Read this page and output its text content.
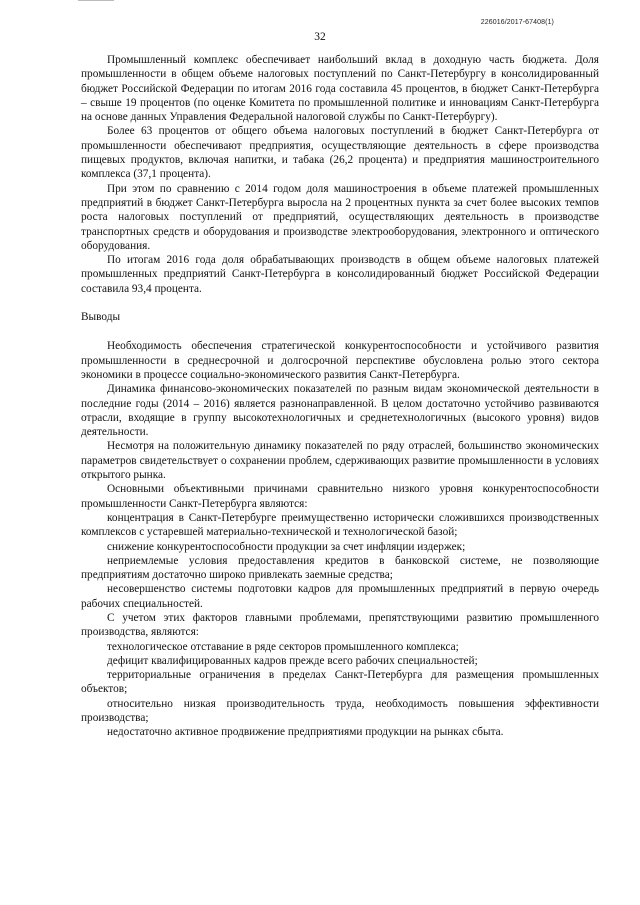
226016/2017-67408(1)
32

Промышленный комплекс обеспечивает наибольший вклад в доходную часть бюджета. Доля промышленности в общем объеме налоговых поступлений по Санкт-Петербургу в консолидированный бюджет Российской Федерации по итогам 2016 года составила 45 процентов, в бюджет Санкт-Петербурга – свыше 19 процентов (по оценке Комитета по промышленной политике и инновациям Санкт-Петербурга на основе данных Управления Федеральной налоговой службы по Санкт-Петербургу).

Более 63 процентов от общего объема налоговых поступлений в бюджет Санкт-Петербурга от промышленности обеспечивают предприятия, осуществляющие деятельность в сфере производства пищевых продуктов, включая напитки, и табака (26,2 процента) и предприятия машиностроительного комплекса (37,1 процента).

При этом по сравнению с 2014 годом доля машиностроения в объеме платежей промышленных предприятий в бюджет Санкт-Петербурга выросла на 2 процентных пункта за счет более высоких темпов роста налоговых поступлений от предприятий, осуществляющих деятельность в производстве транспортных средств и оборудования и производстве электрооборудования, электронного и оптического оборудования.

По итогам 2016 года доля обрабатывающих производств в общем объеме налоговых платежей промышленных предприятий Санкт-Петербурга в консолидированный бюджет Российской Федерации составила 93,4 процента.

Выводы

Необходимость обеспечения стратегической конкурентоспособности и устойчивого развития промышленности в среднесрочной и долгосрочной перспективе обусловлена ролью этого сектора экономики в процессе социально-экономического развития Санкт-Петербурга.

Динамика финансово-экономических показателей по разным видам экономической деятельности в последние годы (2014 – 2016) является разнонаправленной. В целом достаточно устойчиво развиваются отрасли, входящие в группу высокотехнологичных и среднетехнологичных (высокого уровня) видов деятельности.

Несмотря на положительную динамику показателей по ряду отраслей, большинство экономических параметров свидетельствует о сохранении проблем, сдерживающих развитие промышленности в условиях открытого рынка.

Основными объективными причинами сравнительно низкого уровня конкурентоспособности промышленности Санкт-Петербурга являются:

концентрация в Санкт-Петербурге преимущественно исторически сложившихся производственных комплексов с устаревшей материально-технической и технологической базой;

снижение конкурентоспособности продукции за счет инфляции издержек;

неприемлемые условия предоставления кредитов в банковской системе, не позволяющие предприятиям достаточно широко привлекать заемные средства;

несовершенство системы подготовки кадров для промышленных предприятий в первую очередь рабочих специальностей.

С учетом этих факторов главными проблемами, препятствующими развитию промышленного производства, являются:

технологическое отставание в ряде секторов промышленного комплекса;

дефицит квалифицированных кадров прежде всего рабочих специальностей;

территориальные ограничения в пределах Санкт-Петербурга для размещения промышленных объектов;

относительно низкая производительность труда, необходимость повышения эффективности производства;

недостаточно активное продвижение предприятиями продукции на рынках сбыта.
